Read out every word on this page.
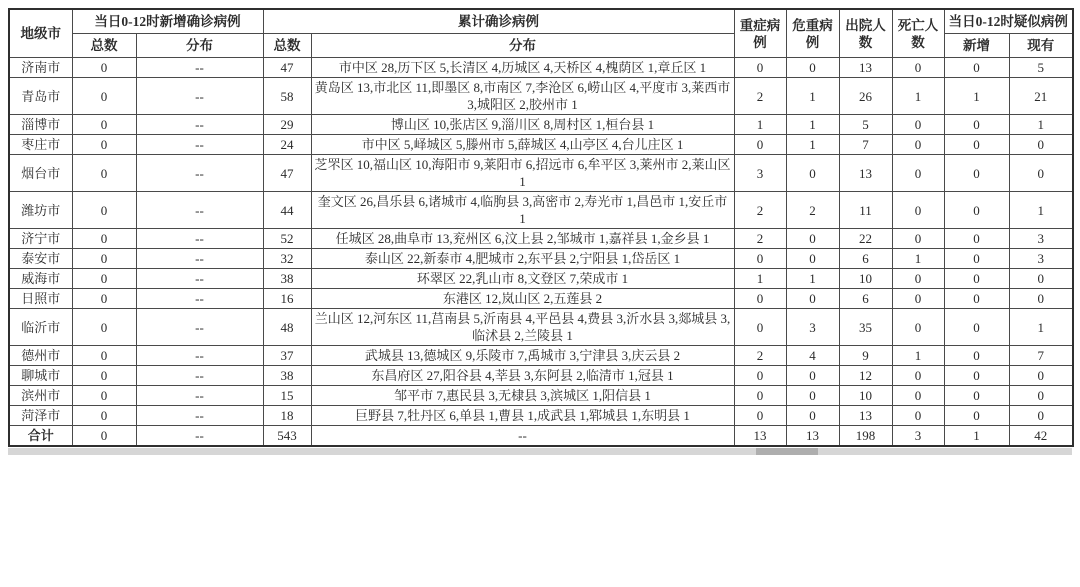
地级市	当日0-12时新增确诊病例		累计确诊病例		重症病例	危重病例	出院人数	死亡人数	当日0-12时疑似病例	
	总数	分布	总数	分布					新增	现有
济南市	0	--	47	市中区 28,历下区 5,长清区 4,历城区 4,天桥区 4,槐荫区 1,章丘区 1	0	0	13	0	0	5
青岛市	0	--	58	黄岛区 13,市北区 11,即墨区 8,市南区 7,李沧区 6,崂山区 4,平度市 3,莱西市 3,城阳区 2,胶州市 1	2	1	26	1	1	21
淄博市	0	--	29	博山区 10,张店区 9,淄川区 8,周村区 1,桓台县 1	1	1	5	0	0	1
枣庄市	0	--	24	市中区 5,峄城区 5,滕州市 5,薛城区 4,山亭区 4,台儿庄区 1	0	1	7	0	0	0
烟台市	0	--	47	芝罘区 10,福山区 10,海阳市 9,莱阳市 6,招远市 6,牟平区 3,莱州市 2,莱山区 1	3	0	13	0	0	0
潍坊市	0	--	44	奎文区 26,昌乐县 6,诸城市 4,临朐县 3,高密市 2,寿光市 1,昌邑市 1,安丘市 1	2	2	11	0	0	1
济宁市	0	--	52	任城区 28,曲阜市 13,兖州区 6,汶上县 2,邹城市 1,嘉祥县 1,金乡县 1	2	0	22	0	0	3
泰安市	0	--	32	泰山区 22,新泰市 4,肥城市 2,东平县 2,宁阳县 1,岱岳区 1	0	0	6	1	0	3
威海市	0	--	38	环翠区 22,乳山市 8,文登区 7,荣成市 1	1	1	10	0	0	0
日照市	0	--	16	东港区 12,岚山区 2,五莲县 2	0	0	6	0	0	0
临沂市	0	--	48	兰山区 12,河东区 11,莒南县 5,沂南县 4,平邑县 4,费县 3,沂水县 3,郯城县 3,临沭县 2,兰陵县 1	0	3	35	0	0	1
德州市	0	--	37	武城县 13,德城区 9,乐陵市 7,禹城市 3,宁津县 3,庆云县 2	2	4	9	1	0	7
聊城市	0	--	38	东昌府区 27,阳谷县 4,莘县 3,东阿县 2,临清市 1,冠县 1	0	0	12	0	0	0
滨州市	0	--	15	邹平市 7,惠民县 3,无棣县 3,滨城区 1,阳信县 1	0	0	10	0	0	0
菏泽市	0	--	18	巨野县 7,牡丹区 6,单县 1,曹县 1,成武县 1,郓城县 1,东明县 1	0	0	13	0	0	0
合计	0	--	543	--	13	13	198	3	1	42
